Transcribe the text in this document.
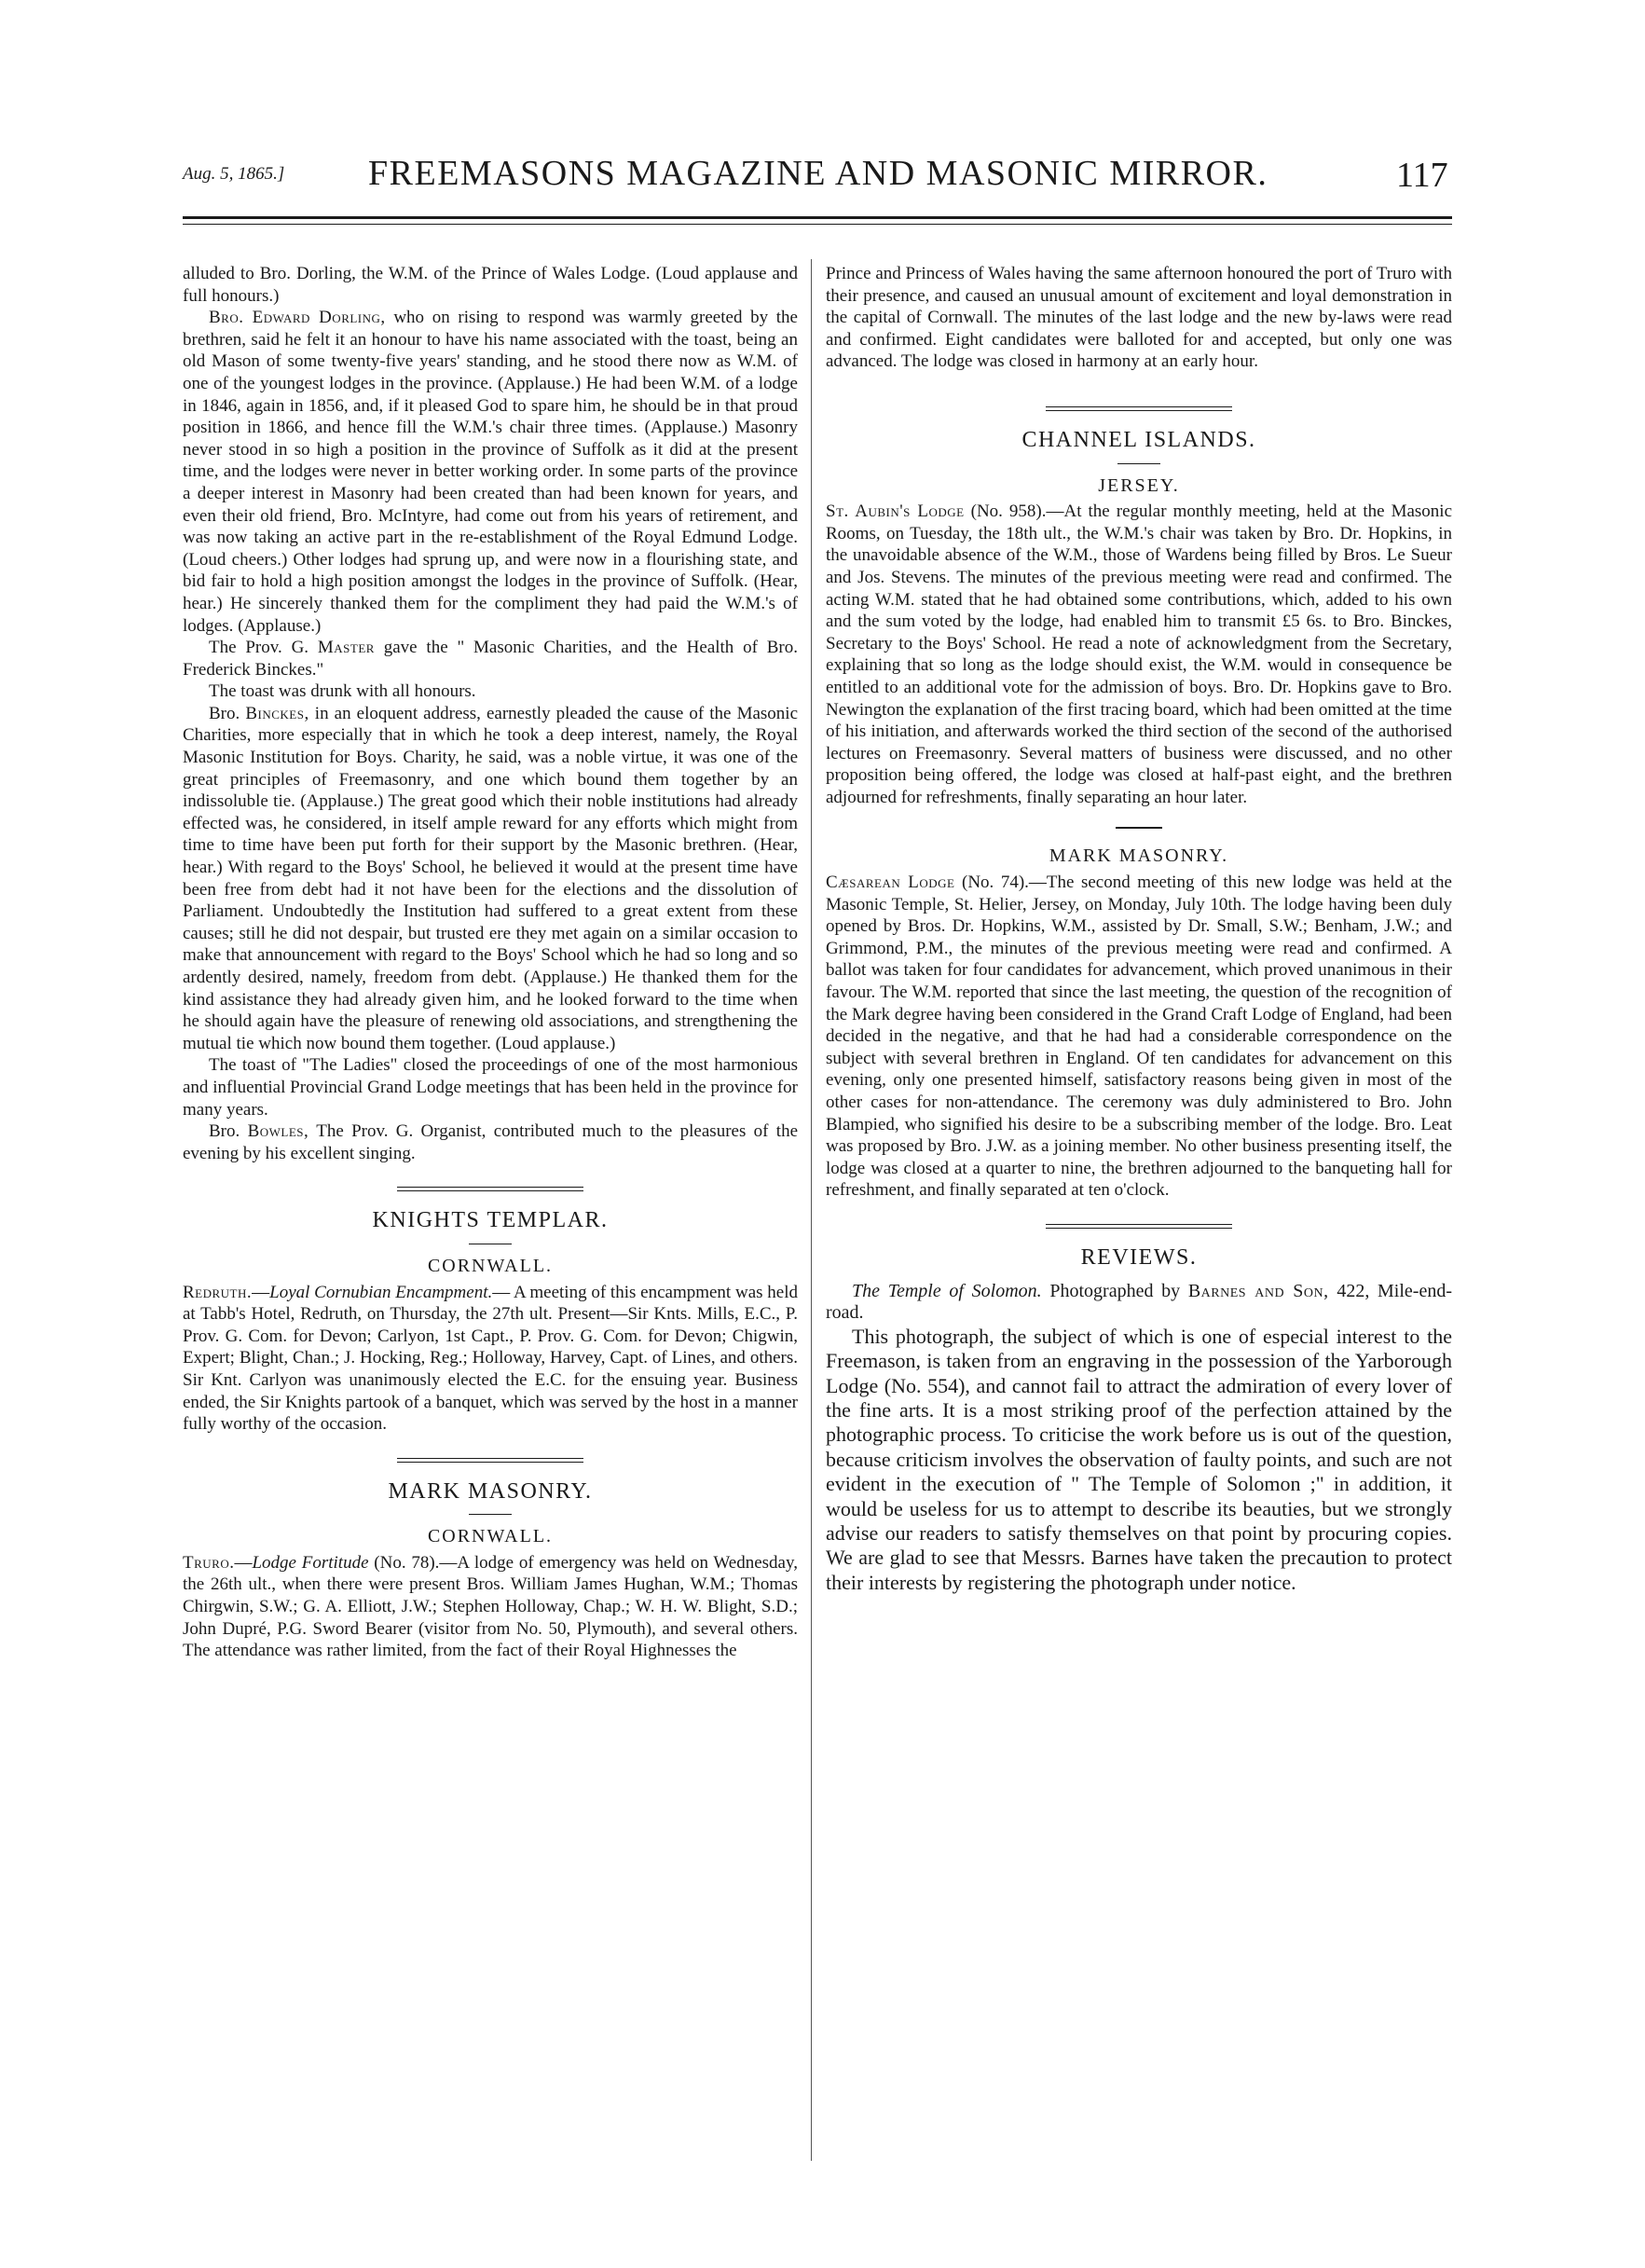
Aug. 5, 1865.] FREEMASONS MAGAZINE AND MASONIC MIRROR.	117

alluded to Bro. Dorling, the W.M. of the Prince of Wales Lodge. (Loud applause and full honours.)

Bro. Edward Dorling, who on rising to respond was warmly greeted by the brethren, said he felt it an honour to have his name associated with the toast, being an old Mason of some twenty-five years' standing, and he stood there now as W.M. of one of the youngest lodges in the province. (Applause.) He had been W.M. of a lodge in 1846, again in 1856, and, if it pleased God to spare him, he should be in that proud position in 1866, and hence fill the W.M.'s chair three times. (Applause.) Masonry never stood in so high a position in the province of Suffolk as it did at the present time, and the lodges were never in better working order. In some parts of the province a deeper interest in Masonry had been created than had been known for years, and even their old friend, Bro. McIntyre, had come out from his years of retirement, and was now taking an active part in the re-establishment of the Royal Edmund Lodge. (Loud cheers.) Other lodges had sprung up, and were now in a flourishing state, and bid fair to hold a high position amongst the lodges in the province of Suffolk. (Hear, hear.) He sincerely thanked them for the compliment they had paid the W.M.'s of lodges. (Applause.)

The Prov. G. Master gave the " Masonic Charities, and the Health of Bro. Frederick Binckes."

The toast was drunk with all honours.

Bro. Binckes, in an eloquent address, earnestly pleaded the cause of the Masonic Charities, more especially that in which he took a deep interest, namely, the Royal Masonic Institution for Boys. Charity, he said, was a noble virtue, it was one of the great principles of Freemasonry, and one which bound them together by an indissoluble tie. (Applause.) The great good which their noble institutions had already effected was, he considered, in itself ample reward for any efforts which might from time to time have been put forth for their support by the Masonic brethren. (Hear, hear.) With regard to the Boys' School, he believed it would at the present time have been free from debt had it not have been for the elections and the dissolution of Parliament. Undoubtedly the Institution had suffered to a great extent from these causes; still he did not despair, but trusted ere they met again on a similar occasion to make that announcement with regard to the Boys' School which he had so long and so ardently desired, namely, freedom from debt. (Applause.) He thanked them for the kind assistance they had already given him, and he looked forward to the time when he should again have the pleasure of renewing old associations, and strengthening the mutual tie which now bound them together. (Loud applause.)

The toast of "The Ladies" closed the proceedings of one of the most harmonious and influential Provincial Grand Lodge meetings that has been held in the province for many years.

Bro. Bowles, The Prov. G. Organist, contributed much to the pleasures of the evening by his excellent singing.

KNIGHTS TEMPLAR.
CORNWALL.

Redruth.—Loyal Cornubian Encampment.— A meeting of this encampment was held at Tabb's Hotel, Redruth, on Thursday, the 27th ult. Present—Sir Knts. Mills, E.C., P. Prov. G. Com. for Devon; Carlyon, 1st Capt., P. Prov. G. Com. for Devon; Chigwin, Expert; Blight, Chan.; J. Hocking, Reg.; Holloway, Harvey, Capt. of Lines, and others. Sir Knt. Carlyon was unanimously elected the E.C. for the ensuing year. Business ended, the Sir Knights partook of a banquet, which was served by the host in a manner fully worthy of the occasion.

MARK MASONRY.
CORNWALL.

Truro.—Lodge Fortitude (No. 78).—A lodge of emergency was held on Wednesday, the 26th ult., when there were present Bros. William James Hughan, W.M.; Thomas Chirgwin, S.W.; G. A. Elliott, J.W.; Stephen Holloway, Chap.; W. H. W. Blight, S.D.; John Dupré, P.G. Sword Bearer (visitor from No. 50, Plymouth), and several others. The attendance was rather limited, from the fact of their Royal Highnesses the

Prince and Princess of Wales having the same afternoon honoured the port of Truro with their presence, and caused an unusual amount of excitement and loyal demonstration in the capital of Cornwall. The minutes of the last lodge and the new by-laws were read and confirmed. Eight candidates were balloted for and accepted, but only one was advanced. The lodge was closed in harmony at an early hour.

CHANNEL ISLANDS.
JERSEY.

St. Aubin's Lodge (No. 958).—At the regular monthly meeting, held at the Masonic Rooms, on Tuesday, the 18th ult., the W.M.'s chair was taken by Bro. Dr. Hopkins, in the unavoidable absence of the W.M., those of Wardens being filled by Bros. Le Sueur and Jos. Stevens. The minutes of the previous meeting were read and confirmed. The acting W.M. stated that he had obtained some contributions, which, added to his own and the sum voted by the lodge, had enabled him to transmit £5 6s. to Bro. Binckes, Secretary to the Boys' School. He read a note of acknowledgment from the Secretary, explaining that so long as the lodge should exist, the W.M. would in consequence be entitled to an additional vote for the admission of boys. Bro. Dr. Hopkins gave to Bro. Newington the explanation of the first tracing board, which had been omitted at the time of his initiation, and afterwards worked the third section of the second of the authorised lectures on Freemasonry. Several matters of business were discussed, and no other proposition being offered, the lodge was closed at half-past eight, and the brethren adjourned for refreshments, finally separating an hour later.

MARK MASONRY.

Cæsarean Lodge (No. 74).—The second meeting of this new lodge was held at the Masonic Temple, St. Helier, Jersey, on Monday, July 10th. The lodge having been duly opened by Bros. Dr. Hopkins, W.M., assisted by Dr. Small, S.W.; Benham, J.W.; and Grimmond, P.M., the minutes of the previous meeting were read and confirmed. A ballot was taken for four candidates for advancement, which proved unanimous in their favour. The W.M. reported that since the last meeting, the question of the recognition of the Mark degree having been considered in the Grand Craft Lodge of England, had been decided in the negative, and that he had had a considerable correspondence on the subject with several brethren in England. Of ten candidates for advancement on this evening, only one presented himself, satisfactory reasons being given in most of the other cases for non-attendance. The ceremony was duly administered to Bro. John Blampied, who signified his desire to be a subscribing member of the lodge. Bro. Leat was proposed by Bro. J.W. as a joining member. No other business presenting itself, the lodge was closed at a quarter to nine, the brethren adjourned to the banqueting hall for refreshment, and finally separated at ten o'clock.

REVIEWS.

The Temple of Solomon. Photographed by Barnes and Son, 422, Mile-end-road.

This photograph, the subject of which is one of especial interest to the Freemason, is taken from an engraving in the possession of the Yarborough Lodge (No. 554), and cannot fail to attract the admiration of every lover of the fine arts. It is a most striking proof of the perfection attained by the photographic process. To criticise the work before us is out of the question, because criticism involves the observation of faulty points, and such are not evident in the execution of " The Temple of Solomon ;" in addition, it would be useless for us to attempt to describe its beauties, but we strongly advise our readers to satisfy themselves on that point by procuring copies. We are glad to see that Messrs. Barnes have taken the precaution to protect their interests by registering the photograph under notice.
